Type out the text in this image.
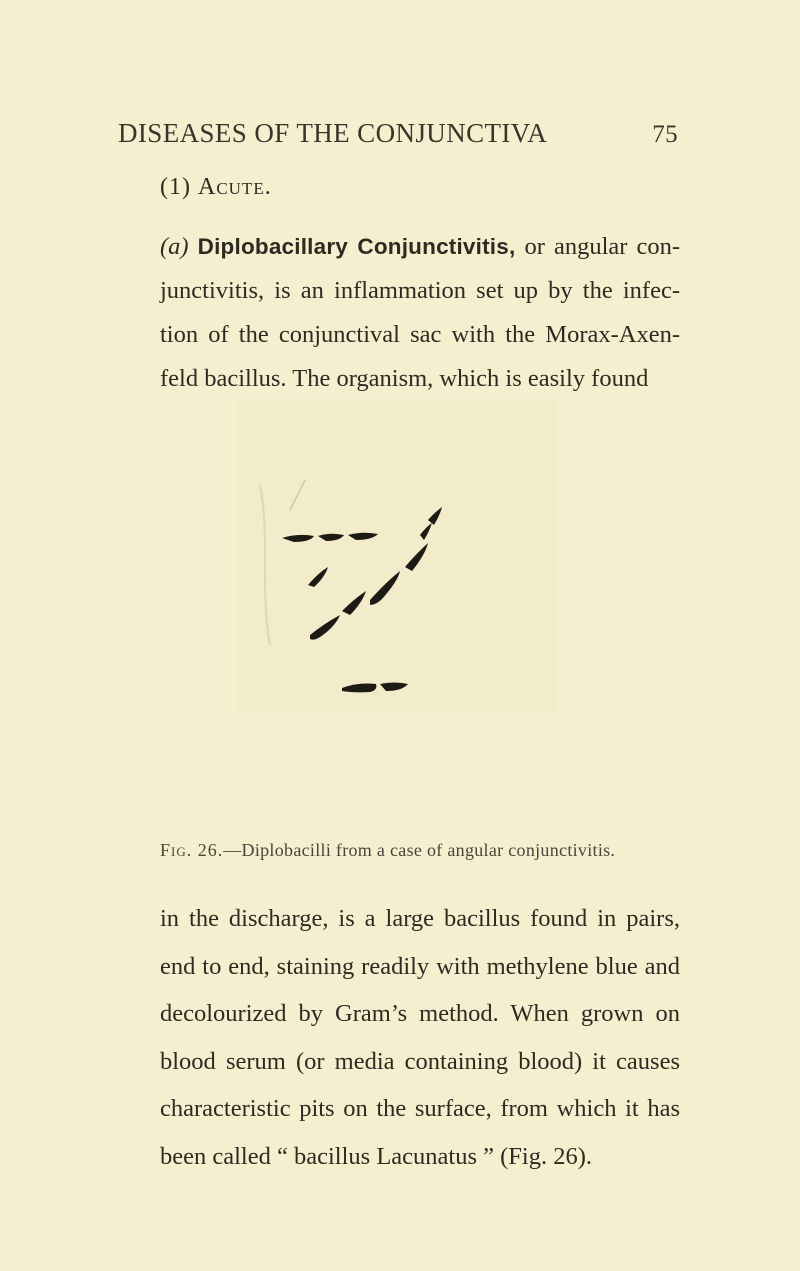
DISEASES OF THE CONJUNCTIVA	75
(1) Acute.

(a) Diplobacillary Conjunctivitis, or angular con-junctivitis, is an inflammation set up by the infec-tion of the conjunctival sac with the Morax-Axen-feld bacillus. The organism, which is easily found

Fig. 26.—Diplobacilli from a case of angular conjunctivitis.

in the discharge, is a large bacillus found in pairs, end to end, staining readily with methylene blue and decolourized by Gram’s method. When grown on blood serum (or media containing blood) it causes characteristic pits on the surface, from which it has been called “ bacillus Lacunatus ” (Fig. 26).
